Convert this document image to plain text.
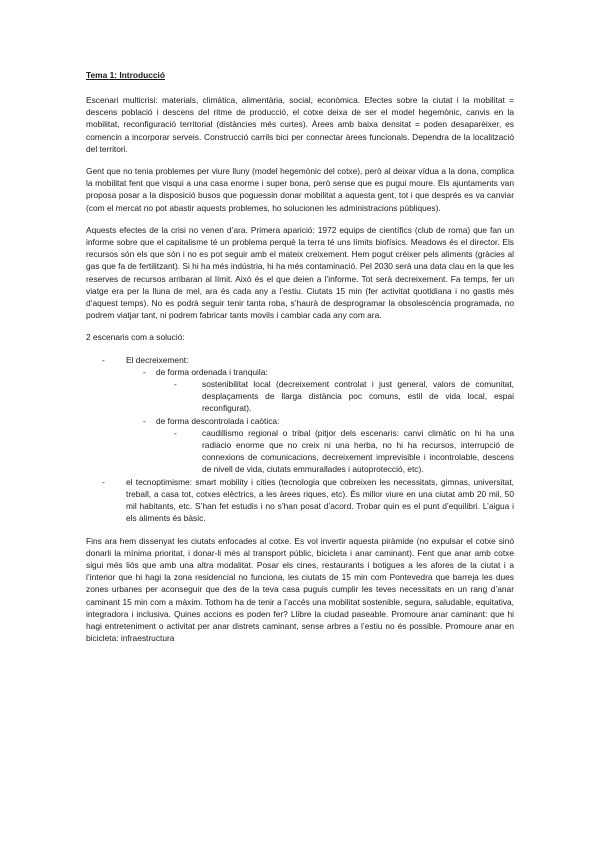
Tema 1: Introducció

Escenari multicrisi: materials, climàtica, alimentària, social, econòmica. Efectes sobre la ciutat i la mobilitat = descens població i descens del ritme de producció, el cotxe deixa de ser el model hegemònic, canvis en la mobilitat, reconfiguració territorial (distàncies més curtes). Àrees amb baixa densitat = poden desaparèixer, es comencin a incorporar serveis. Construcció carrils bici per connectar àrees funcionals. Dependra de la localització del territori.

Gent que no tenia problemes per viure lluny (model hegemònic del cotxe), però al deixar vídua a la dona, complica la mobilitat fent que visqui a una casa enorme i super bona, però sense que es pugui moure. Els ajuntaments van proposa posar a la disposició busos que poguessin donar mobilitat a aquesta gent, tot i que després es va canviar (com el mercat no pot abastir aquests problemes, ho solucionen les administracions públiques).

Aquests efectes de la crisi no venen d’ara. Primera aparició: 1972 equips de científics (club de roma) que fan un informe sobre que el capitalisme té un problema perquè la terra té uns límits biofísics. Meadows és el director. Els recursos són els que són i no es pot seguir amb el mateix creixement. Hem pogut créixer pels aliments (gràcies al gas que fa de fertilitzant). Si hi ha més indústria, hi ha més contaminació. Pel 2030 serà una data clau en la que les reserves de recursos arribaran al límit. Això és el que deien a l’informe. Tot serà decreixement. Fa temps, fer un viatge era per la lluna de mel, ara és cada any a l’estiu. Ciutats 15 min (fer activitat quotidiana i no gastis més d’aquest temps). No es podrà seguir tenir tanta roba, s’haurà de desprogramar la obsolescència programada, no podrem viatjar tant, ni podrem fabricar tants movils i cambiar cada any com ara.

2 escenaris com a solució:

-	El decreixement:
- de forma ordenada i tranquila:
-	sostenibilitat local (decreixement controlat i just general, valors de comunitat, desplaçaments de llarga distància poc comuns, estil de vida local, espai reconfigurat).
- de forma descontrolada i caòtica:
-	caudillismo regional o tribal (pitjor dels escenaris: canvi climàtic on hi ha una radiacio enorme que no creix ni una herba, no hi ha recursos, interrupció de connexions de comunicacions, decreixement imprevisible i incontrolable, descens de nivell de vida, ciutats emmurallades i autoprotecció, etc).
-	el tecnoptimisme: smart mobility i cities (tecnologia que cobreixen les necessitats, gimnas, universitat, treball, a casa tot, cotxes elèctrics, a les àrees riques, etc). És millor viure en una ciutat amb 20 mil, 50 mil habitants, etc. S’han fet estudis i no s’han posat d’acord. Trobar quin es el punt d’equilibri. L’aigua i els aliments és bàsic.

Fins ara hem dissenyat les ciutats enfocades al cotxe. Es vol invertir aquesta piràmide (no expulsar el cotxe sinó donarli la mínima prioritat, i donar-li més al transport públic, bicicleta i anar caminant). Fent que anar amb cotxe sigui més liós que amb una altra modalitat. Posar els cines, restaurants i botigues a les afores de la ciutat i a l’interior que hi hagi la zona residencial no funciona, les ciutats de 15 min com Pontevedra que barreja les dues zones urbanes per aconseguir que des de la teva casa puguis cumplir les teves necessitats en un rang d’anar caminant 15 min com a màxim. Tothom ha de tenir a l’accés una mobilitat sostenible, segura, saludable, equitativa, integradora i inclusiva. Quines accions es poden fer? Llibre la ciudad paseable. Promoure anar caminant: que hi hagi entreteniment o activitat per anar distrets caminant, sense arbres a l’estiu no és possible. Promoure anar en bicicleta: infraestructura
